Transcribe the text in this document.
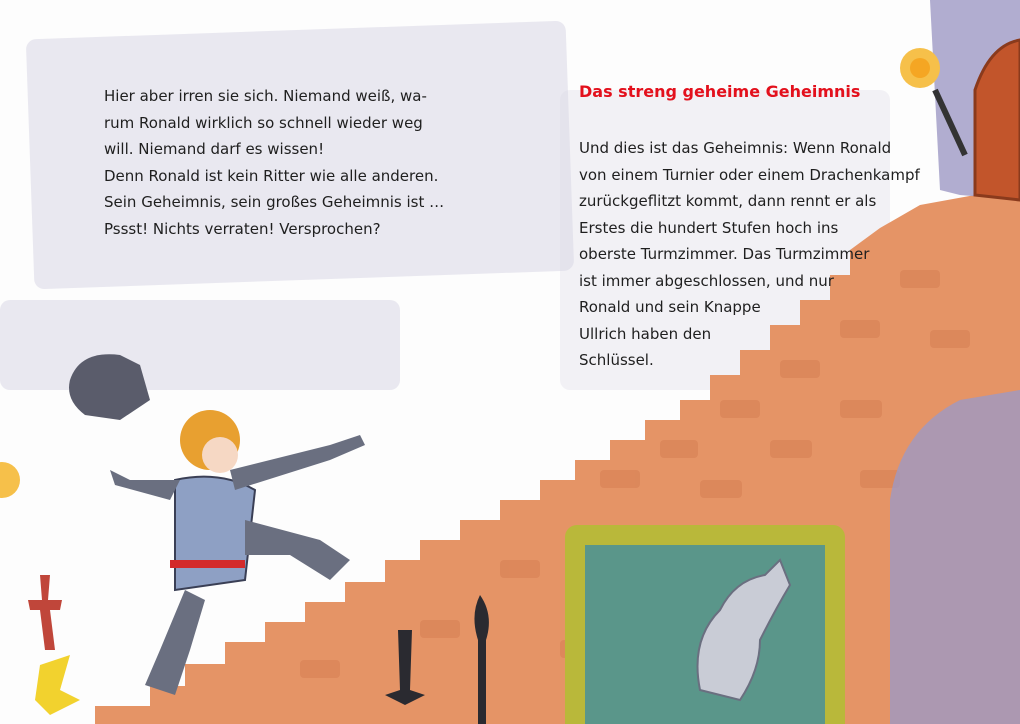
Hier aber irren sie sich. Niemand weiß, wa-
rum Ronald wirklich so schnell wieder weg
will. Niemand darf es wissen!
Denn Ronald ist kein Ritter wie alle anderen.
Sein Geheimnis, sein großes Geheimnis ist …
Pssst! Nichts verraten! Versprochen?
Das streng geheime Geheimnis
Und dies ist das Geheimnis: Wenn Ronald
von einem Turnier oder einem Drachenkampf
zurückgeflitzt kommt, dann rennt er als
Erstes die hundert Stufen hoch ins
oberste Turmzimmer. Das Turmzimmer
ist immer abgeschlossen, und nur
Ronald und sein Knappe
Ullrich haben den
Schlüssel.
